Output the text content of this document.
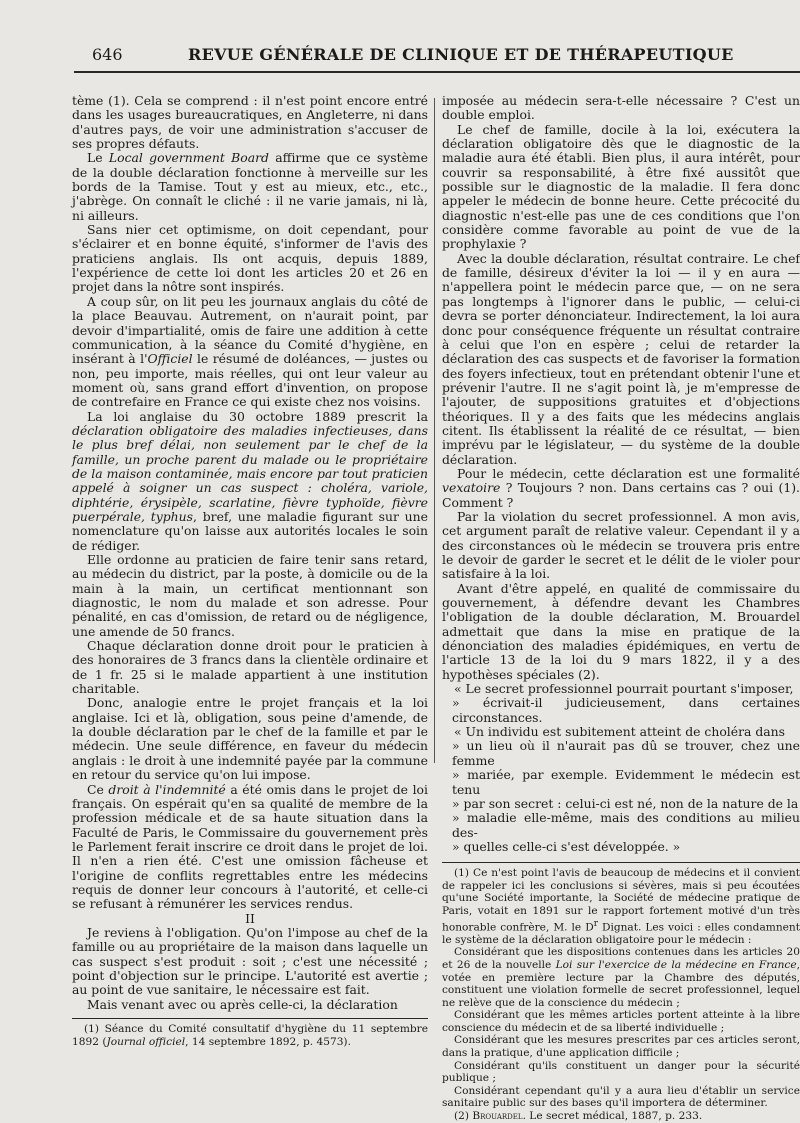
646	REVUE GÉNÉRALE DE CLINIQUE ET DE THÉRAPEUTIQUE

tème (1). Cela se comprend : il n'est point encore entré dans les usages bureaucratiques, en Angleterre, ni dans d'autres pays, de voir une administration s'accuser de ses propres défauts.

Le Local government Board affirme que ce système de la double déclaration fonctionne à merveille sur les bords de la Tamise. Tout y est au mieux, etc., etc., j'abrège. On connaît le cliché : il ne varie jamais, ni là, ni ailleurs.

Sans nier cet optimisme, on doit cependant, pour s'éclairer et en bonne équité, s'informer de l'avis des praticiens anglais. Ils ont acquis, depuis 1889, l'expérience de cette loi dont les articles 20 et 26 en projet dans la nôtre sont inspirés.

A coup sûr, on lit peu les journaux anglais du côté de la place Beauvau. Autrement, on n'aurait point, par devoir d'impartialité, omis de faire une addition à cette communication, à la séance du Comité d'hygiène, en insérant à l'Officiel le résumé de doléances, — justes ou non, peu importe, mais réelles, qui ont leur valeur au moment où, sans grand effort d'invention, on propose de contrefaire en France ce qui existe chez nos voisins.

La loi anglaise du 30 octobre 1889 prescrit la déclaration obligatoire des maladies infectieuses, dans le plus bref délai, non seulement par le chef de la famille, un proche parent du malade ou le propriétaire de la maison contaminée, mais encore par tout praticien appelé à soigner un cas suspect : choléra, variole, diphtérie, érysipèle, scarlatine, fièvre typhoïde, fièvre puerpérale, typhus, bref, une maladie figurant sur une nomenclature qu'on laisse aux autorités locales le soin de rédiger.

Elle ordonne au praticien de faire tenir sans retard, au médecin du district, par la poste, à domicile ou de la main à la main, un certificat mentionnant son diagnostic, le nom du malade et son adresse. Pour pénalité, en cas d'omission, de retard ou de négligence, une amende de 50 francs.

Chaque déclaration donne droit pour le praticien à des honoraires de 3 francs dans la clientèle ordinaire et de 1 fr. 25 si le malade appartient à une institution charitable.

Donc, analogie entre le projet français et la loi anglaise. Ici et là, obligation, sous peine d'amende, de la double déclaration par le chef de la famille et par le médecin. Une seule différence, en faveur du médecin anglais : le droit à une indemnité payée par la commune en retour du service qu'on lui impose.

Ce droit à l'indemnité a été omis dans le projet de loi français. On espérait qu'en sa qualité de membre de la profession médicale et de sa haute situation dans la Faculté de Paris, le Commissaire du gouvernement près le Parlement ferait inscrire ce droit dans le projet de loi. Il n'en a rien été. C'est une omission fâcheuse et l'origine de conflits regrettables entre les médecins requis de donner leur concours à l'autorité, et celle-ci se refusant à rémunérer les services rendus.

II

Je reviens à l'obligation. Qu'on l'impose au chef de la famille ou au propriétaire de la maison dans laquelle un cas suspect s'est produit : soit ; c'est une nécessité ; point d'objection sur le principe. L'autorité est avertie ; au point de vue sanitaire, le nécessaire est fait.

Mais venant avec ou après celle-ci, la déclaration

(1) Séance du Comité consultatif d'hygiène du 11 septembre 1892 (Journal officiel, 14 septembre 1892, p. 4573).

imposée au médecin sera-t-elle nécessaire ? C'est un double emploi.

Le chef de famille, docile à la loi, exécutera la déclaration obligatoire dès que le diagnostic de la maladie aura été établi. Bien plus, il aura intérêt, pour couvrir sa responsabilité, à être fixé aussitôt que possible sur le diagnostic de la maladie. Il fera donc appeler le médecin de bonne heure. Cette précocité du diagnostic n'est-elle pas une de ces conditions que l'on considère comme favorable au point de vue de la prophylaxie ?

Avec la double déclaration, résultat contraire. Le chef de famille, désireux d'éviter la loi — il y en aura — n'appellera point le médecin parce que, — on ne sera pas longtemps à l'ignorer dans le public, — celui-ci devra se porter dénonciateur. Indirectement, la loi aura donc pour conséquence fréquente un résultat contraire à celui que l'on en espère ; celui de retarder la déclaration des cas suspects et de favoriser la formation des foyers infectieux, tout en prétendant obtenir l'une et prévenir l'autre. Il ne s'agit point là, je m'empresse de l'ajouter, de suppositions gratuites et d'objections théoriques. Il y a des faits que les médecins anglais citent. Ils établissent la réalité de ce résultat, — bien imprévu par le législateur, — du système de la double déclaration.

Pour le médecin, cette déclaration est une formalité vexatoire ? Toujours ? non. Dans certains cas ? oui (1). Comment ?

Par la violation du secret professionnel. A mon avis, cet argument paraît de relative valeur. Cependant il y a des circonstances où le médecin se trouvera pris entre le devoir de garder le secret et le délit de le violer pour satisfaire à la loi.

Avant d'être appelé, en qualité de commissaire du gouvernement, à défendre devant les Chambres l'obligation de la double déclaration, M. Brouardel admettait que dans la mise en pratique de la dénonciation des maladies épidémiques, en vertu de l'article 13 de la loi du 9 mars 1822, il y a des hypothèses spéciales (2).

« Le secret professionnel pourrait pourtant s'imposer,

» écrivait-il judicieusement, dans certaines circonstances.

« Un individu est subitement atteint de choléra dans

» un lieu où il n'aurait pas dû se trouver, chez une femme

» mariée, par exemple. Evidemment le médecin est tenu

» par son secret : celui-ci est né, non de la nature de la

» maladie elle-même, mais des conditions au milieu des-

» quelles celle-ci s'est développée. »

(1) Ce n'est point l'avis de beaucoup de médecins et il convient de rappeler ici les conclusions si sévères, mais si peu écoutées qu'une Société importante, la Société de médecine pratique de Paris, votait en 1891 sur le rapport fortement motivé d'un très honorable confrère, M. le $D^r$ Dignat. Les voici : elles condamnent le système de la déclaration obligatoire pour le médecin :

Considérant que les dispositions contenues dans les articles 20 et 26 de la nouvelle Loi sur l'exercice de la médecine en France, votée en première lecture par la Chambre des députés, constituent une violation formelle de secret professionnel, lequel ne relève que de la conscience du médecin ;

Considérant que les mêmes articles portent atteinte à la libre conscience du médecin et de sa liberté individuelle ;

Considérant que les mesures prescrites par ces articles seront, dans la pratique, d'une application difficile ;

Considérant qu'ils constituent un danger pour la sécurité publique ;

Considérant cependant qu'il y a aura lieu d'établir un service sanitaire public sur des bases qu'il importera de déterminer.

(2) Brouardel. Le secret médical, 1887, p. 233.
